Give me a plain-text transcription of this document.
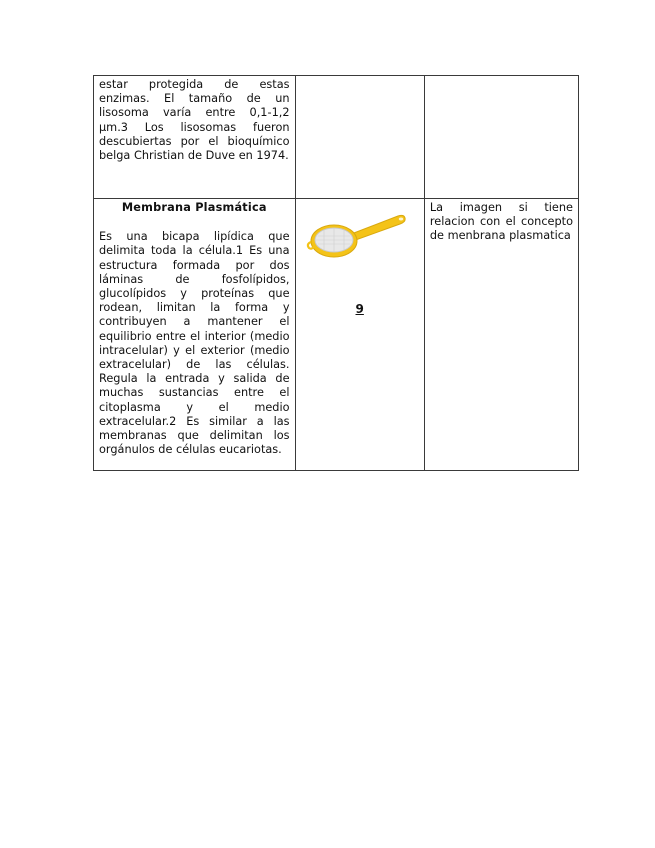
estar protegida de estas enzimas. El tamaño de un lisosoma varía entre 0,1-1,2 µm.3 Los lisosomas fueron descubiertas por el bioquímico belga Christian de Duve en 1974.		

Membrana Plasmática
Es una bicapa lipídica que delimita toda la célula.1 Es una estructura formada por dos láminas de fosfolípidos, glucolípidos y proteínas que rodean, limitan la forma y contribuyen a mantener el equilibrio entre el interior (medio intracelular) y el exterior (medio extracelular) de las células. Regula la entrada y salida de muchas sustancias entre el citoplasma y el medio extracelular.2 Es similar a las membranas que delimitan los orgánulos de células eucariotas.	9	La imagen si tiene relacion con el concepto de menbrana plasmatica
